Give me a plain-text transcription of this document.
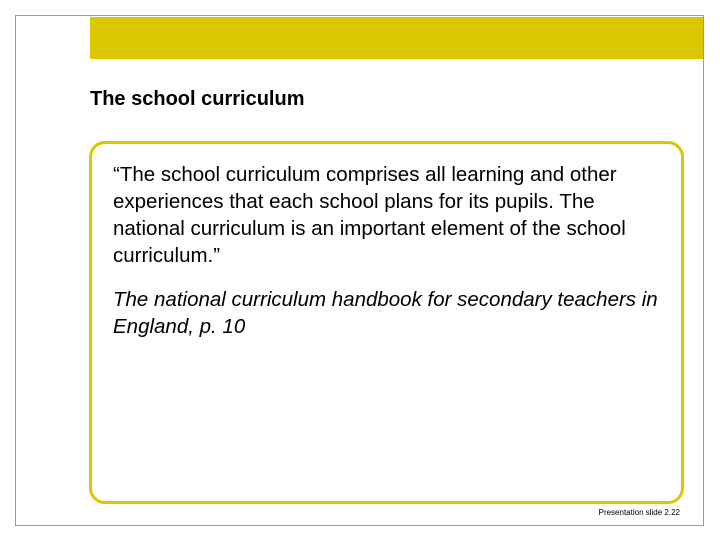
The school curriculum

“The school curriculum comprises all learning and other experiences that each school plans for its pupils. The national curriculum is an important element of the school curriculum.”

The national curriculum handbook for secondary teachers in England, p. 10

Presentation slide 2.22
